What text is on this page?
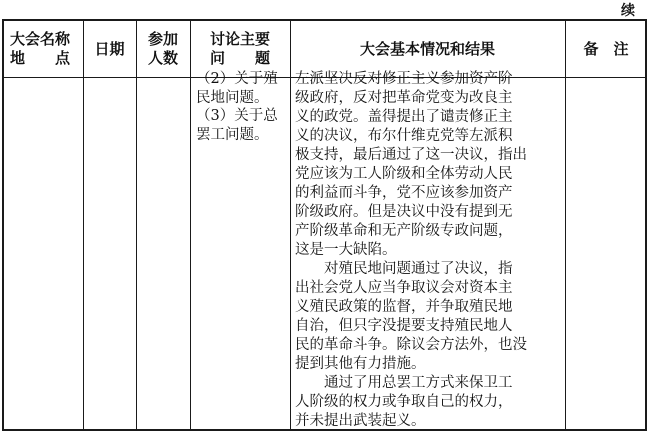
续
大会名称
地　　点
日期
参加
人数
讨论主要
问　　题
大会基本情况和结果	备　注
（2）关于殖
民地问题。
（3）关于总
罢工问题。
左派坚决反对修正主义参加资产阶
级政府，反对把革命党变为改良主
义的政党。盖得提出了谴责修正主
义的决议，布尔什维克党等左派积
极支持，最后通过了这一决议，指出
党应该为工人阶级和全体劳动人民
的利益而斗争，党不应该参加资产
阶级政府。但是决议中没有提到无
产阶级革命和无产阶级专政问题，
这是一大缺陷。
　　对殖民地问题通过了决议，指
出社会党人应当争取议会对资本主
义殖民政策的监督，并争取殖民地
自治，但只字没提要支持殖民地人
民的革命斗争。除议会方法外，也没
提到其他有力措施。
　　通过了用总罢工方式来保卫工
人阶级的权力或争取自己的权力，
并未提出武装起义。
